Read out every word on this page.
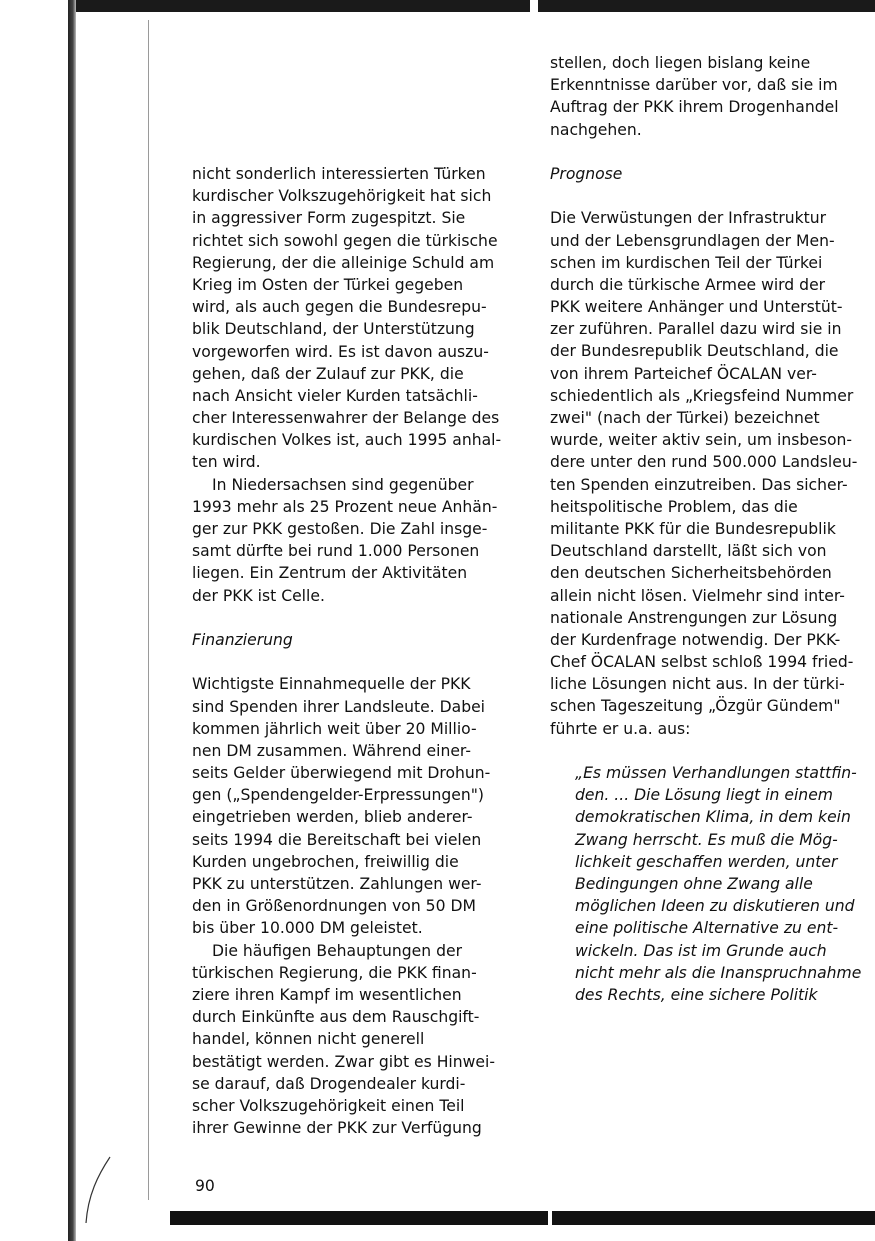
nicht sonderlich interessierten Türken
kurdischer Volkszugehörigkeit hat sich
in aggressiver Form zugespitzt. Sie
richtet sich sowohl gegen die türkische
Regierung, der die alleinige Schuld am
Krieg im Osten der Türkei gegeben
wird, als auch gegen die Bundesrepu-
blik Deutschland, der Unterstützung
vorgeworfen wird. Es ist davon auszu-
gehen, daß der Zulauf zur PKK, die
nach Ansicht vieler Kurden tatsächli-
cher Interessenwahrer der Belange des
kurdischen Volkes ist, auch 1995 anhal-
ten wird.
In Niedersachsen sind gegenüber
1993 mehr als 25 Prozent neue Anhän-
ger zur PKK gestoßen. Die Zahl insge-
samt dürfte bei rund 1.000 Personen
liegen. Ein Zentrum der Aktivitäten
der PKK ist Celle.
Finanzierung
Wichtigste Einnahmequelle der PKK
sind Spenden ihrer Landsleute. Dabei
kommen jährlich weit über 20 Millio-
nen DM zusammen. Während einer-
seits Gelder überwiegend mit Drohun-
gen („Spendengelder-Erpressungen")
eingetrieben werden, blieb anderer-
seits 1994 die Bereitschaft bei vielen
Kurden ungebrochen, freiwillig die
PKK zu unterstützen. Zahlungen wer-
den in Größenordnungen von 50 DM
bis über 10.000 DM geleistet.
Die häufigen Behauptungen der
türkischen Regierung, die PKK finan-
ziere ihren Kampf im wesentlichen
durch Einkünfte aus dem Rauschgift-
handel, können nicht generell
bestätigt werden. Zwar gibt es Hinwei-
se darauf, daß Drogendealer kurdi-
scher Volkszugehörigkeit einen Teil
ihrer Gewinne der PKK zur Verfügung
stellen, doch liegen bislang keine
Erkenntnisse darüber vor, daß sie im
Auftrag der PKK ihrem Drogenhandel
nachgehen.
Prognose
Die Verwüstungen der Infrastruktur
und der Lebensgrundlagen der Men-
schen im kurdischen Teil der Türkei
durch die türkische Armee wird der
PKK weitere Anhänger und Unterstüt-
zer zuführen. Parallel dazu wird sie in
der Bundesrepublik Deutschland, die
von ihrem Parteichef ÖCALAN ver-
schiedentlich als „Kriegsfeind Nummer
zwei" (nach der Türkei) bezeichnet
wurde, weiter aktiv sein, um insbeson-
dere unter den rund 500.000 Landsleu-
ten Spenden einzutreiben. Das sicher-
heitspolitische Problem, das die
militante PKK für die Bundesrepublik
Deutschland darstellt, läßt sich von
den deutschen Sicherheitsbehörden
allein nicht lösen. Vielmehr sind inter-
nationale Anstrengungen zur Lösung
der Kurdenfrage notwendig. Der PKK-
Chef ÖCALAN selbst schloß 1994 fried-
liche Lösungen nicht aus. In der türki-
schen Tageszeitung „Özgür Gündem"
führte er u.a. aus:
„Es müssen Verhandlungen stattfin-
den. ... Die Lösung liegt in einem
demokratischen Klima, in dem kein
Zwang herrscht. Es muß die Mög-
lichkeit geschaffen werden, unter
Bedingungen ohne Zwang alle
möglichen Ideen zu diskutieren und
eine politische Alternative zu ent-
wickeln. Das ist im Grunde auch
nicht mehr als die Inanspruchnahme
des Rechts, eine sichere Politik
90
